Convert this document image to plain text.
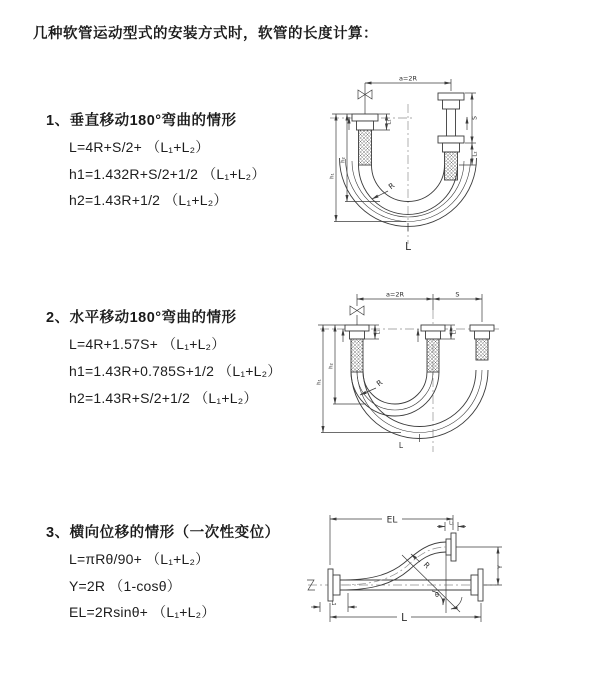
几种软管运动型式的安装方式时，软管的长度计算：
1、垂直移动180°弯曲的情形
L=4R+S/2+ （L₁+L₂）
h1=1.432R+S/2+1/2 （L₁+L₂）
h2=1.43R+1/2 （L₁+L₂）
2、水平移动180°弯曲的情形
L=4R+1.57S+ （L₁+L₂）
h1=1.43R+0.785S+1/2 （L₁+L₂）
h2=1.43R+S/2+1/2 （L₁+L₂）
3、横向位移的情形（一次性变位）
L=πRθ/90+ （L₁+L₂）
Y=2R （1-cosθ）
EL=2Rsinθ+ （L₁+L₂）
a=2R
S
L₂
L₁
h₂
h₁
R
L
a=2R	S
h₂
h₁
L₁	L₂
R
L
EL	L₁
θ
R	Y
L₂
L
